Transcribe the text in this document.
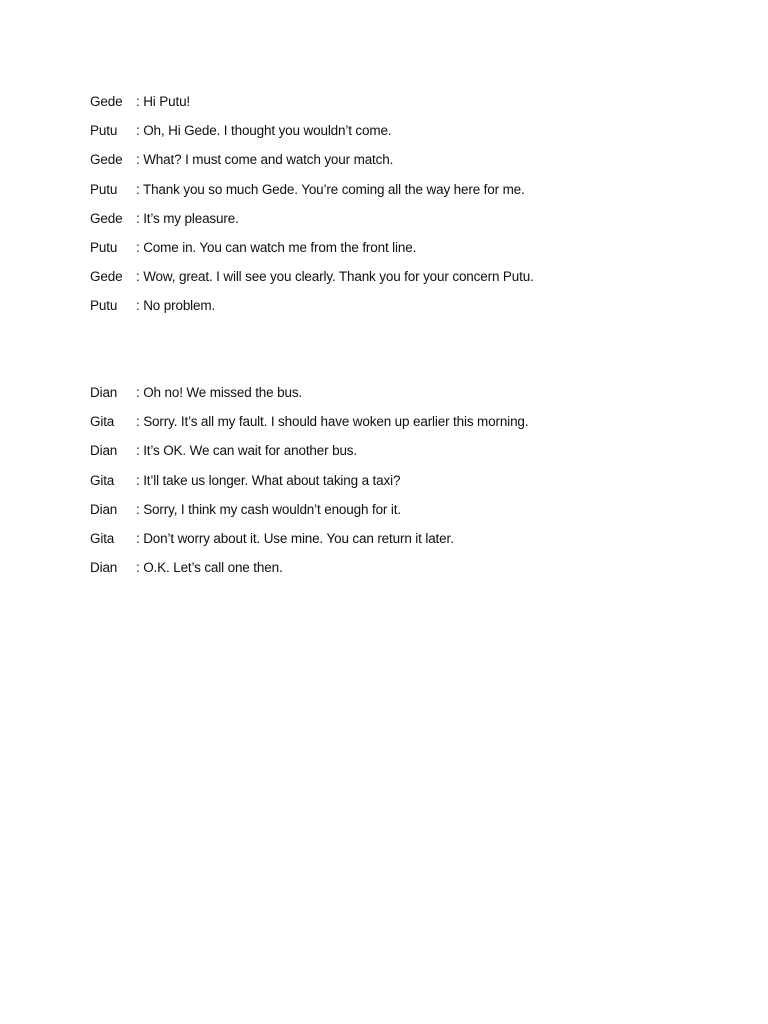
Gede	: Hi Putu!
Putu	: Oh, Hi Gede. I thought you wouldn’t come.
Gede	: What? I must come and watch your match.
Putu	: Thank you so much Gede. You’re coming all the way here for me.
Gede	: It’s my pleasure.
Putu	: Come in. You can watch me from the front line.
Gede	: Wow, great. I will see you clearly. Thank you for your concern Putu.
Putu	: No problem.
Dian	: Oh no! We missed the bus.
Gita	: Sorry. It’s all my fault. I should have woken up earlier this morning.
Dian	: It’s OK. We can wait for another bus.
Gita	: It’ll take us longer. What about taking a taxi?
Dian	: Sorry, I think my cash wouldn’t enough for it.
Gita	: Don’t worry about it. Use mine. You can return it later.
Dian	: O.K. Let’s call one then.
